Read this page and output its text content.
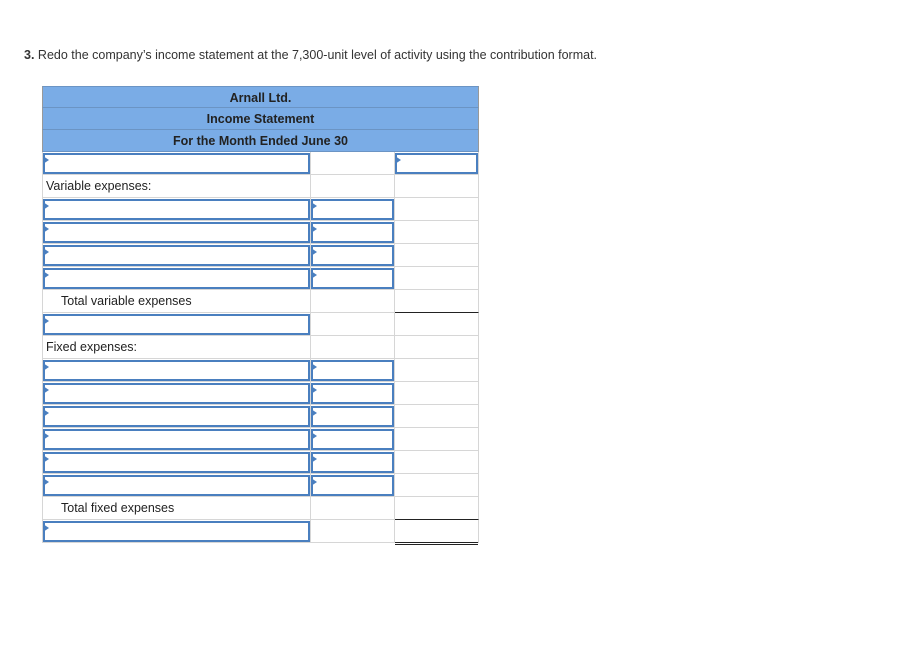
3. Redo the company’s income statement at the 7,300-unit level of activity using the contribution format.
Arnall Ltd.
Income Statement
For the Month Ended June 30
Variable expenses:
Total variable expenses
Fixed expenses:
Total fixed expenses
